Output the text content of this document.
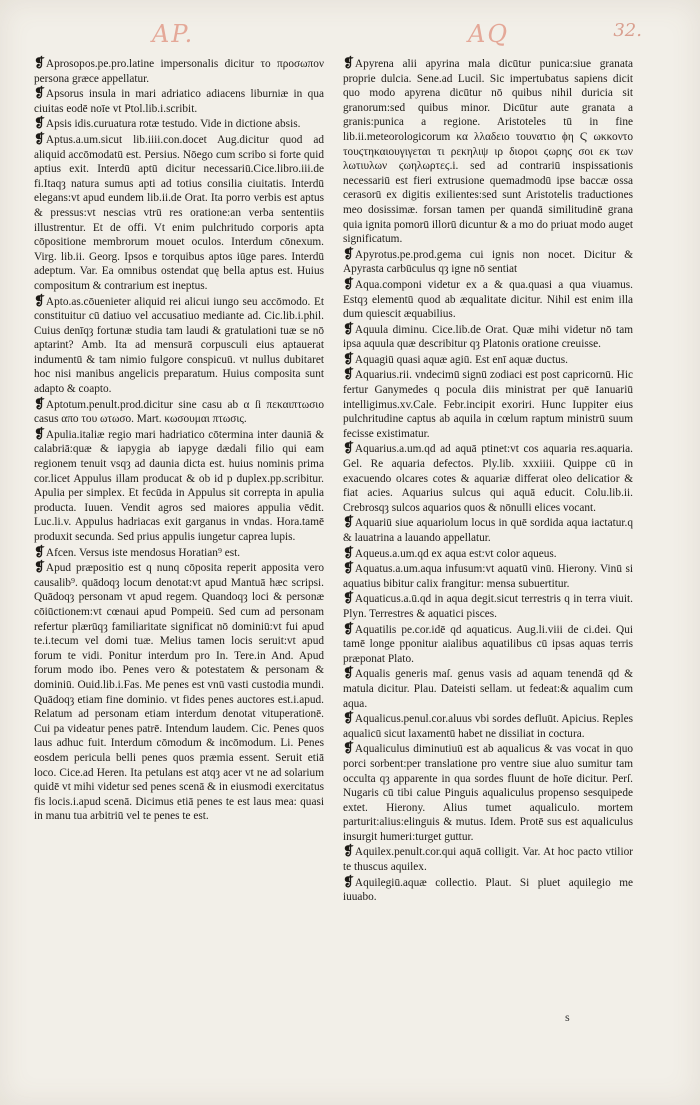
AP.	AQ	32.

❡Aprosopos.pe.pro.latine impersonalis dicitur το προσωπον persona græce appellatur.

❡Apsorus insula in mari adriatico adiacens liburniæ in qua ciuitas eodē noīe vt Ptol.lib.i.scribit.

❡Apsis idis.curuatura rotæ testudo. Vide in dictione absis.

❡Aptus.a.um.sicut lib.iiii.con.docet Aug.dicitur quod ad aliquid accōmodatū est. Persius. Nōego cum scribo si forte quid aptius exit. Interdū aptū dicitur necessariū.Cice.libro.iii.de fi.Itaqȝ natura sumus apti ad totius consilia ciuitatis. Interdū elegans:vt apud eundem lib.ii.de Orat. Ita porro verbis est aptus & pressus:vt nescias vtrū res oratione:an verba sententiis illustrentur. Et de offi. Vt enim pulchritudo corporis apta cōpositione membrorum mouet oculos. Interdum cōnexum. Virg. lib.ii. Georg. Ipsos e torquibus aptos iūge pares. Interdū adeptum. Var. Ea omnibus ostendat quę bella aptus est. Huius compositum & contrarium est ineptus.

❡Apto.as.cōuenieter aliquid rei alicui iungo seu accōmodo. Et constituitur cū datiuo vel accusatiuo mediante ad. Cic.lib.i.phil. Cuius denīqȝ fortunæ studia tam laudi & gratulationi tuæ se nō aptarint? Amb. Ita ad mensurā corpusculi eius aptauerat indumentū & tam nimio fulgore conspicuū. vt nullus dubitaret hoc nisi manibus angelicis preparatum. Huius composita sunt adapto & coapto.

❡Aptotum.penult.prod.dicitur sine casu ab α ſi πεκαιπτωσιο casus απο του ωτωσο. Mart. κωσουμαι πτωσις.

❡Apulia.italiæ regio mari hadriatico cōtermina inter dauniā & calabriā:quæ & iapygia ab iapyge dædali filio qui eam regionem tenuit vsqȝ ad daunia dicta est. huius nominis prima cor.licet Appulus illam producat & ob id p duplex.pp.scribitur. Apulia per simplex. Et fecūda in Appulus sit correpta in apulia producta. Iuuen. Vendit agros sed maiores appulia vēdit. Luc.li.v. Appulus hadriacas exit garganus in vndas. Hora.tamē produxit secunda. Sed prius appulis iungetur caprea lupis.

❡Afcen. Versus iste mendosus Horatian⁹ est.

❡Apud præpositio est q nunq cōposita reperit apposita vero causalib⁹. quādoqȝ locum denotat:vt apud Mantuā hæc scripsi. Quādoqȝ personam vt apud regem. Quandoqȝ loci & personæ cōiūctionem:vt cœnaui apud Pompeiū. Sed cum ad personam refertur plærūqȝ familiaritate significat nō dominiū:vt fui apud te.i.tecum vel domi tuæ. Melius tamen locis seruit:vt apud forum te vidi. Ponitur interdum pro In. Tere.in And. Apud forum modo ibo. Penes vero & potestatem & personam & dominiū. Ouid.lib.i.Fas. Me penes est vnū vasti custodia mundi. Quādoqȝ etiam fine dominio. vt fides penes auctores est.i.apud. Relatum ad personam etiam interdum denotat vituperationē. Cui pa videatur penes patrē. Intendum laudem. Cic. Penes quos laus adhuc fuit. Interdum cōmodum & incōmodum. Li. Penes eosdem pericula belli penes quos præmia essent. Seruit etiā loco. Cice.ad Heren. Ita petulans est atqȝ acer vt ne ad solarium quidē vt mihi videtur sed penes scenā & in eiusmodi exercitatus fis locis.i.apud scenā. Dicimus etiā penes te est laus mea: quasi in manu tua arbitriū vel te penes te est.

❡Apyrena alii apyrina mala dicūtur punica:siue granata proprie dulcia. Sene.ad Lucil. Sic impertubatus sapiens dicit quo modo apyrena dicūtur nō quibus nihil duricia sit granorum:sed quibus minor. Dicūtur aute granata a granis:punica a regione. Aristoteles tū in fine lib.ii.meteorologicorum κα λλαδειο τουνατιο ϕη Ϛ ωκκοντο τουϛτηκαιουγιγεται τι ρεκηλιψ ιρ διοροι ϛωρηϛ σοι εκ των λωτιυλων ϛωηλωρτεϛ.i. sed ad contrariū inspissationis necessariū est fieri extrusione quemadmodū ipse baccæ ossa cerasorū ex digitis exilientes:sed sunt Aristotelis traductiones meo dosissimæ. forsan tamen per quandā similitudinē grana quia ignita pomorū illorū dicuntur & a mo do priuat modo auget significatum.

❡Apyrotus.pe.prod.gema cui ignis non nocet. Dicitur & Apyrasta carbūculus qȝ igne nō sentiat

❡Aqua.componi videtur ex a & qua.quasi a qua viuamus. Estqȝ elementū quod ab æqualitate dicitur. Nihil est enim illa dum quiescit æquabilius.

❡Aquula diminu. Cice.lib.de Orat. Quæ mihi videtur nō tam ipsa aquula quæ describitur qȝ Platonis oratione creuisse.

❡Aquagiū quasi aquæ agiū. Est enī aquæ ductus.

❡Aquarius.rii. vndecimū signū zodiaci est post capricornū. Hic fertur Ganymedes q pocula diis ministrat per quē Ianuariū intelligimus.xv.Cale. Febr.incipit exoriri. Hunc Iuppiter eius pulchritudine captus ab aquila in cœlum raptum ministrū suum fecisse existimatur.

❡Aquarius.a.um.qd ad aquā ptinet:vt cos aquaria res.aquaria. Gel. Re aquaria defectos. Ply.lib. xxxiiii. Quippe cū in exacuendo olcares cotes & aquariæ differat oleo delicatior & fiat acies. Aquarius sulcus qui aquā educit. Colu.lib.ii. Crebrosqȝ sulcos aquarios quos & nōnulli elices vocant.

❡Aquariū siue aquariolum locus in quē sordida aqua iactatur.q & lauatrina a lauando appellatur.

❡Aqueus.a.um.qd ex aqua est:vt color aqueus.

❡Aquatus.a.um.aqua infusum:vt aquatū vinū. Hierony. Vinū si aquatius bibitur calix frangitur: mensa subuertitur.

❡Aquaticus.a.ū.qd in aqua degit.sicut terrestris q in terra viuit. Plyn. Terrestres & aquatici pisces.

❡Aquatilis pe.cor.idē qd aquaticus. Aug.li.viii de ci.dei. Qui tamē longe pponitur aialibus aquatilibus cū ipsas aquas terris præponat Plato.

❡Aqualis generis maſ. genus vasis ad aquam tenendā qd & matula dicitur. Plau. Dateisti sellam. ut fedeat:& aqualim cum aqua.

❡Aqualicus.penul.cor.aluus vbi sordes defluūt. Apicius. Reples aqualicū sicut laxamentū habet ne dissiliat in coctura.

❡Aqualiculus diminutiuū est ab aqualicus & vas vocat in quo porci sorbent:per translatione pro ventre siue aluo sumitur tam occulta qȝ apparente in qua sordes fluunt de hoīe dicitur. Perſ. Nugaris cū tibi calue Pinguis aqualiculus propenso sesquipede extet. Hierony. Alius tumet aqualiculo. mortem parturit:alius:elinguis & mutus. Idem. Protē sus est aqualiculus insurgit humeri:turget guttur.

❡Aquilex.penult.cor.qui aquā colligit. Var. At hoc pacto vtilior te thuscus aquilex.

❡Aquilegiū.aquæ collectio. Plaut. Si pluet aquilegio me iuuabo.

s
